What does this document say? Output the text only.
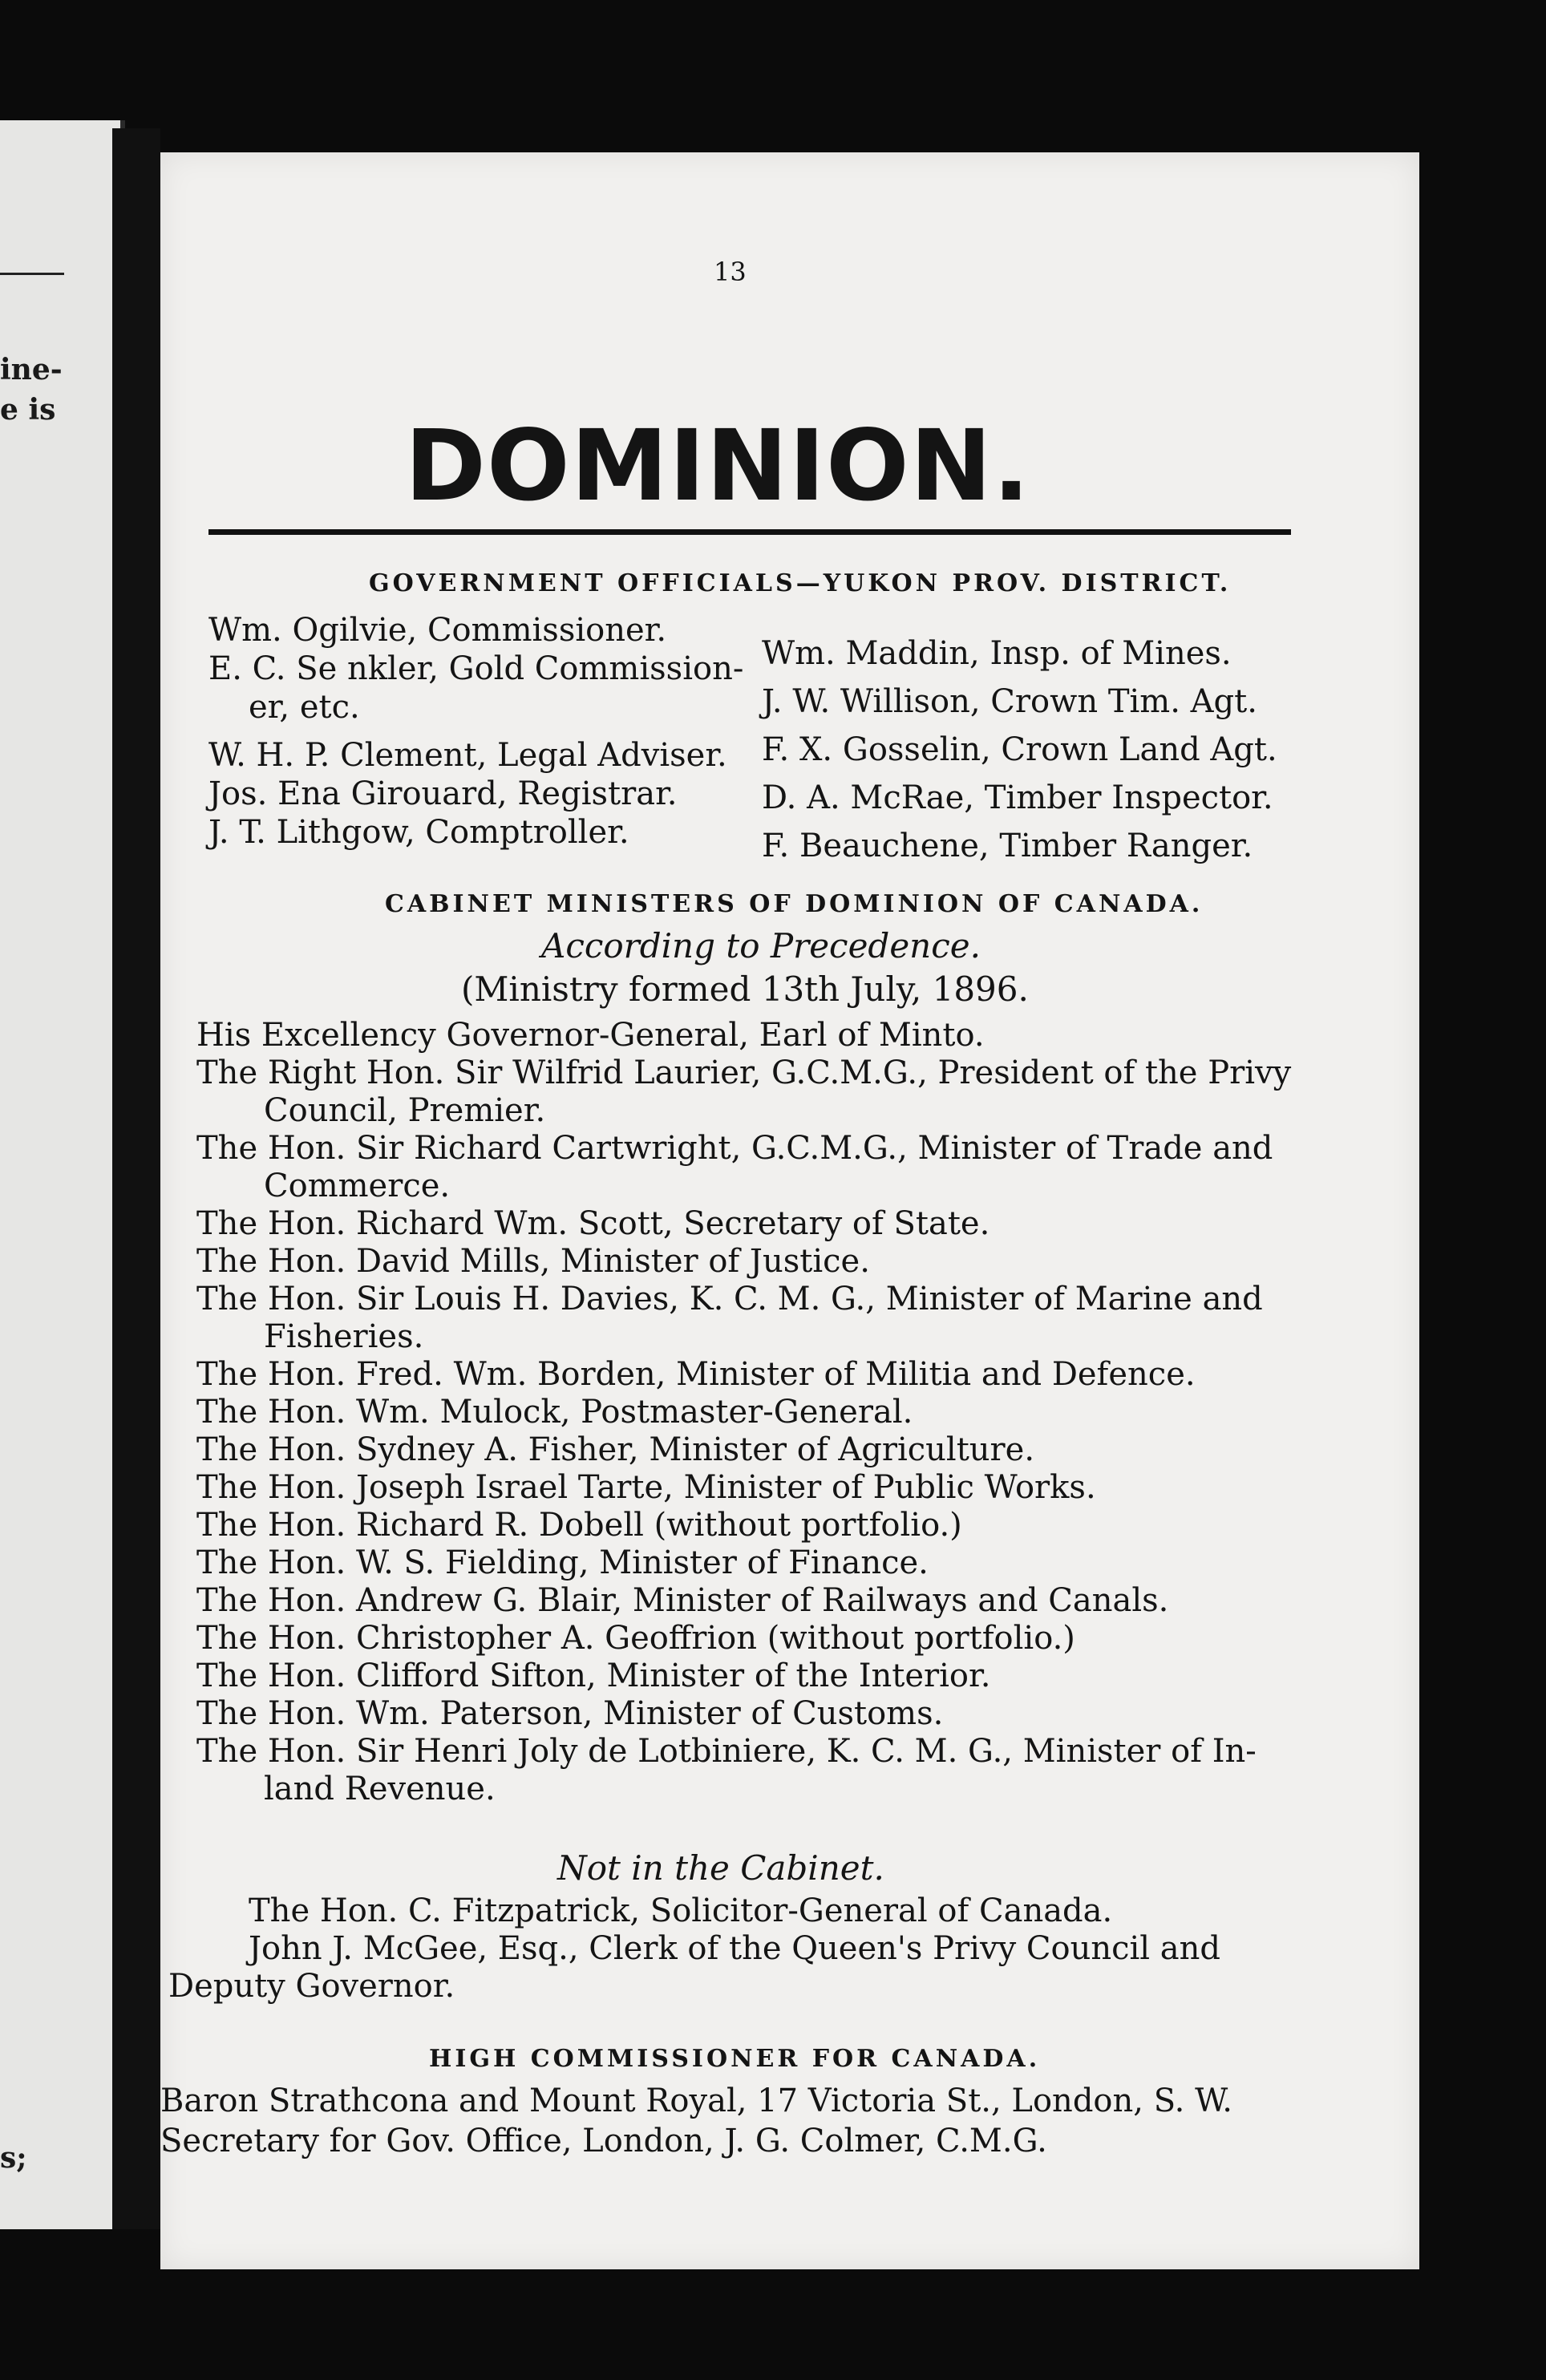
ine-
e is
s;
13
DOMINION.
GOVERNMENT OFFICIALS—YUKON PROV. DISTRICT.
Wm. Ogilvie, Commissioner.
E. C. Se nkler, Gold Commission-
er, etc.
W. H. P. Clement, Legal Adviser.
Jos. Ena Girouard, Registrar.
J. T. Lithgow, Comptroller.
Wm. Maddin, Insp. of Mines.
J. W. Willison, Crown Tim. Agt.
F. X. Gosselin, Crown Land Agt.
D. A. McRae, Timber Inspector.
F. Beauchene, Timber Ranger.
CABINET MINISTERS OF DOMINION OF CANADA.
According to Precedence.
(Ministry formed 13th July, 1896.
His Excellency Governor-General, Earl of Minto.
The Right Hon. Sir Wilfrid Laurier, G.C.M.G., President of the Privy
Council, Premier.
The Hon. Sir Richard Cartwright, G.C.M.G., Minister of Trade and
Commerce.
The Hon. Richard Wm. Scott, Secretary of State.
The Hon. David Mills, Minister of Justice.
The Hon. Sir Louis H. Davies, K. C. M. G., Minister of Marine and
Fisheries.
The Hon. Fred. Wm. Borden, Minister of Militia and Defence.
The Hon. Wm. Mulock, Postmaster-General.
The Hon. Sydney A. Fisher, Minister of Agriculture.
The Hon. Joseph Israel Tarte, Minister of Public Works.
The Hon. Richard R. Dobell (without portfolio.)
The Hon. W. S. Fielding, Minister of Finance.
The Hon. Andrew G. Blair, Minister of Railways and Canals.
The Hon. Christopher A. Geoffrion (without portfolio.)
The Hon. Clifford Sifton, Minister of the Interior.
The Hon. Wm. Paterson, Minister of Customs.
The Hon. Sir Henri Joly de Lotbiniere, K. C. M. G., Minister of In-
land Revenue.
Not in the Cabinet.
The Hon. C. Fitzpatrick, Solicitor-General of Canada.
John J. McGee, Esq., Clerk of the Queen's Privy Council and
Deputy Governor.
HIGH COMMISSIONER FOR CANADA.
Baron Strathcona and Mount Royal, 17 Victoria St., London, S. W.
Secretary for Gov. Office, London, J. G. Colmer, C.M.G.
